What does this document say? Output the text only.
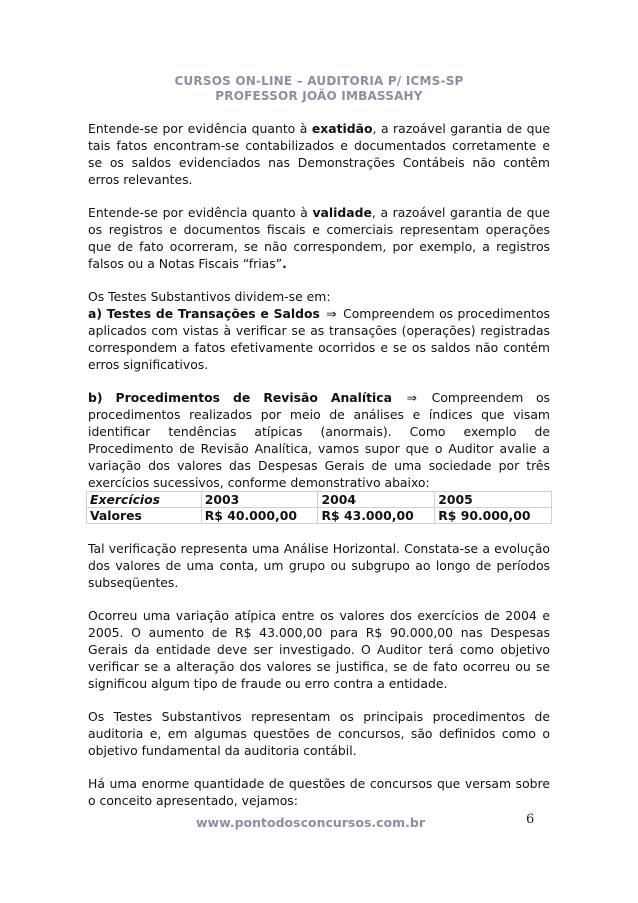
CURSOS ON-LINE – AUDITORIA P/ ICMS-SP
PROFESSOR JOÃO IMBASSAHY

Entende-se por evidência quanto à exatidão, a razoável garantia de que tais fatos encontram-se contabilizados e documentados corretamente e se os saldos evidenciados nas Demonstrações Contábeis não contêm erros relevantes.

Entende-se por evidência quanto à validade, a razoável garantia de que os registros e documentos fiscais e comerciais representam operações que de fato ocorreram, se não correspondem, por exemplo, a registros falsos ou a Notas Fiscais “frias”.

Os Testes Substantivos dividem-se em:
a) Testes de Transações e Saldos ⇒ Compreendem os procedimentos aplicados com vistas à verificar se as transações (operações) registradas correspondem a fatos efetivamente ocorridos e se os saldos não contém erros significativos.

b) Procedimentos de Revisão Analítica ⇒ Compreendem os procedimentos realizados por meio de análises e índices que visam identificar tendências atípicas (anormais). Como exemplo de Procedimento de Revisão Analítica, vamos supor que o Auditor avalie a variação dos valores das Despesas Gerais de uma sociedade por três exercícios sucessivos, conforme demonstrativo abaixo:

Exercícios	2003	2004	2005
Valores	R$ 40.000,00	R$ 43.000,00	R$ 90.000,00

Tal verificação representa uma Análise Horizontal. Constata-se a evolução dos valores de uma conta, um grupo ou subgrupo ao longo de períodos subseqüentes.

Ocorreu uma variação atípica entre os valores dos exercícios de 2004 e 2005. O aumento de R$ 43.000,00 para R$ 90.000,00 nas Despesas Gerais da entidade deve ser investigado. O Auditor terá como objetivo verificar se a alteração dos valores se justifica, se de fato ocorreu ou se significou algum tipo de fraude ou erro contra a entidade.

Os Testes Substantivos representam os principais procedimentos de auditoria e, em algumas questões de concursos, são definidos como o objetivo fundamental da auditoria contábil.

Há uma enorme quantidade de questões de concursos que versam sobre o conceito apresentado, vejamos:

www.pontodosconcursos.com.br	6
